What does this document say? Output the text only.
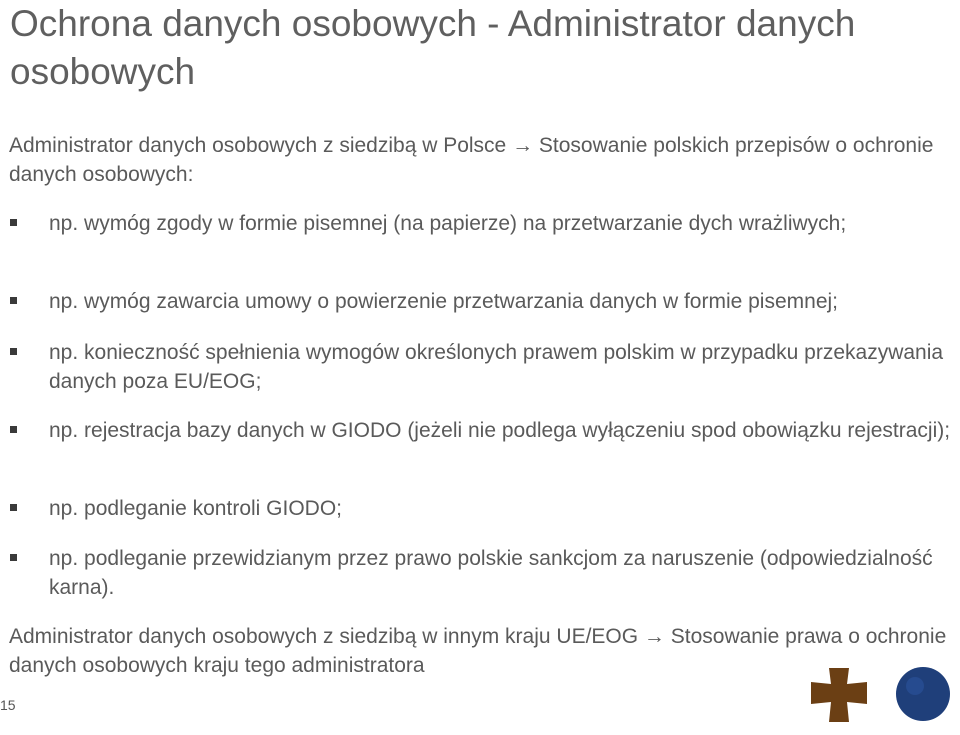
Ochrona danych osobowych - Administrator danych osobowych

Administrator danych osobowych z siedzibą w Polsce → Stosowanie polskich przepisów o ochronie danych osobowych:

np. wymóg zgody w formie pisemnej (na papierze) na przetwarzanie dych wrażliwych;
np. wymóg zawarcia umowy o powierzenie przetwarzania danych w formie pisemnej;
np. konieczność spełnienia wymogów określonych prawem polskim w przypadku przekazywania danych poza EU/EOG;
np. rejestracja bazy danych w GIODO (jeżeli nie podlega wyłączeniu spod obowiązku rejestracji);
np. podleganie kontroli GIODO;
np. podleganie przewidzianym przez prawo polskie sankcjom za naruszenie (odpowiedzialność karna).

Administrator danych osobowych z siedzibą w innym kraju UE/EOG → Stosowanie prawa o ochronie danych osobowych kraju tego administratora

15
